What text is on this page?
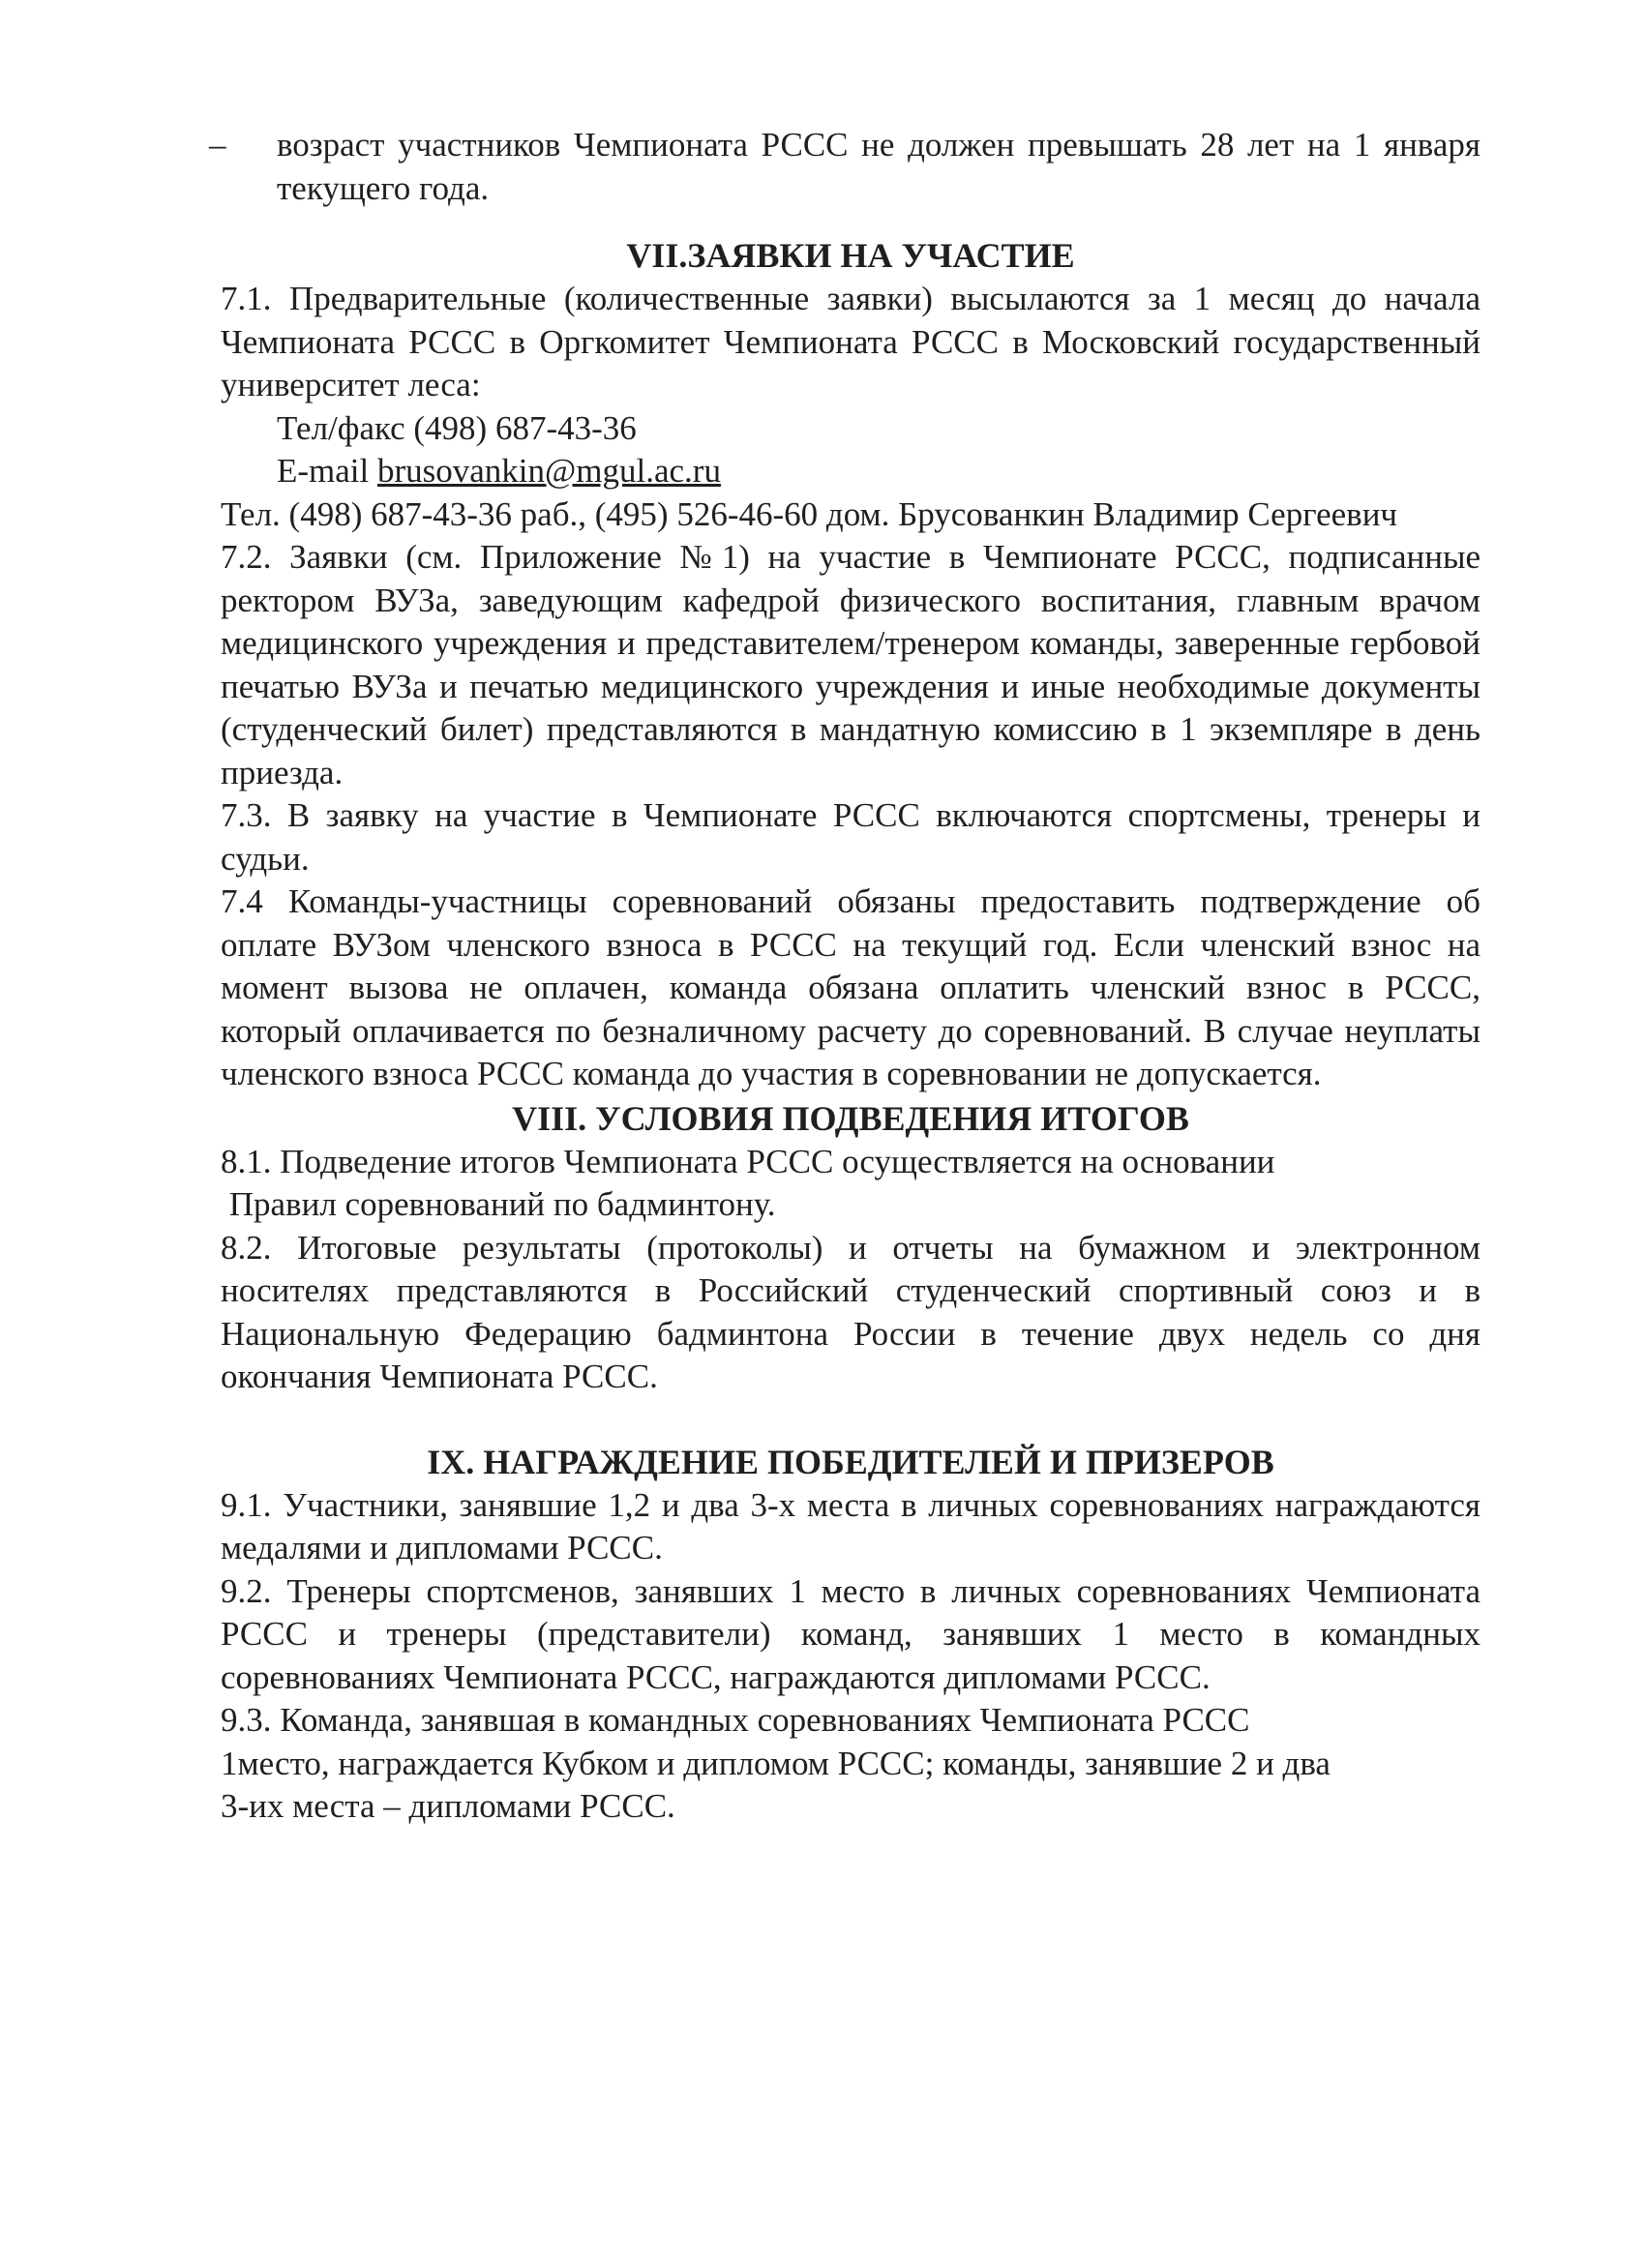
– возраст участников Чемпионата РССС не должен превышать 28 лет на 1 января текущего года.

VII.ЗАЯВКИ НА УЧАСТИЕ

7.1. Предварительные (количественные заявки) высылаются за 1 месяц до начала Чемпионата РССС в Оргкомитет Чемпионата РССС в Московский государственный университет леса:

Тел/факс (498) 687-43-36

E-mail brusovankin@mgul.ac.ru

Тел. (498) 687-43-36 раб., (495) 526-46-60 дом. Брусованкин Владимир Сергеевич

7.2. Заявки (см. Приложение №1) на участие в Чемпионате РССС, подписанные ректором ВУЗа, заведующим кафедрой физического воспитания, главным врачом медицинского учреждения и представителем/тренером команды, заверенные гербовой печатью ВУЗа и печатью медицинского учреждения и иные необходимые документы (студенческий билет) представляются в мандатную комиссию в 1 экземпляре в день приезда.

7.3. В заявку на участие в Чемпионате РССС включаются спортсмены, тренеры и судьи.

7.4 Команды-участницы соревнований обязаны предоставить подтверждение об оплате ВУЗом членского взноса в РССС на текущий год. Если членский взнос на момент вызова не оплачен, команда обязана оплатить членский взнос в РССС, который оплачивается по безналичному расчету до соревнований. В случае неуплаты членского взноса РССС команда до участия в соревновании не допускается.

VIII. УСЛОВИЯ ПОДВЕДЕНИЯ ИТОГОВ

8.1. Подведение итогов Чемпионата РССС осуществляется на основании

Правил соревнований по бадминтону.

8.2. Итоговые результаты (протоколы) и отчеты на бумажном и электронном носителях представляются в Российский студенческий спортивный союз и в Национальную Федерацию бадминтона России в течение двух недель со дня окончания Чемпионата РССС.

IX. НАГРАЖДЕНИЕ ПОБЕДИТЕЛЕЙ И ПРИЗЕРОВ

9.1. Участники, занявшие 1,2 и два 3-х места в личных соревнованиях награждаются медалями и дипломами РССС.

9.2. Тренеры спортсменов, занявших 1 место в личных соревнованиях Чемпионата РССС и тренеры (представители) команд, занявших 1 место в командных соревнованиях Чемпионата РССС, награждаются дипломами РССС.

9.3. Команда, занявшая в командных соревнованиях Чемпионата РССС

1место, награждается Кубком и дипломом РССС; команды, занявшие 2 и два

3-их места – дипломами РССС.
